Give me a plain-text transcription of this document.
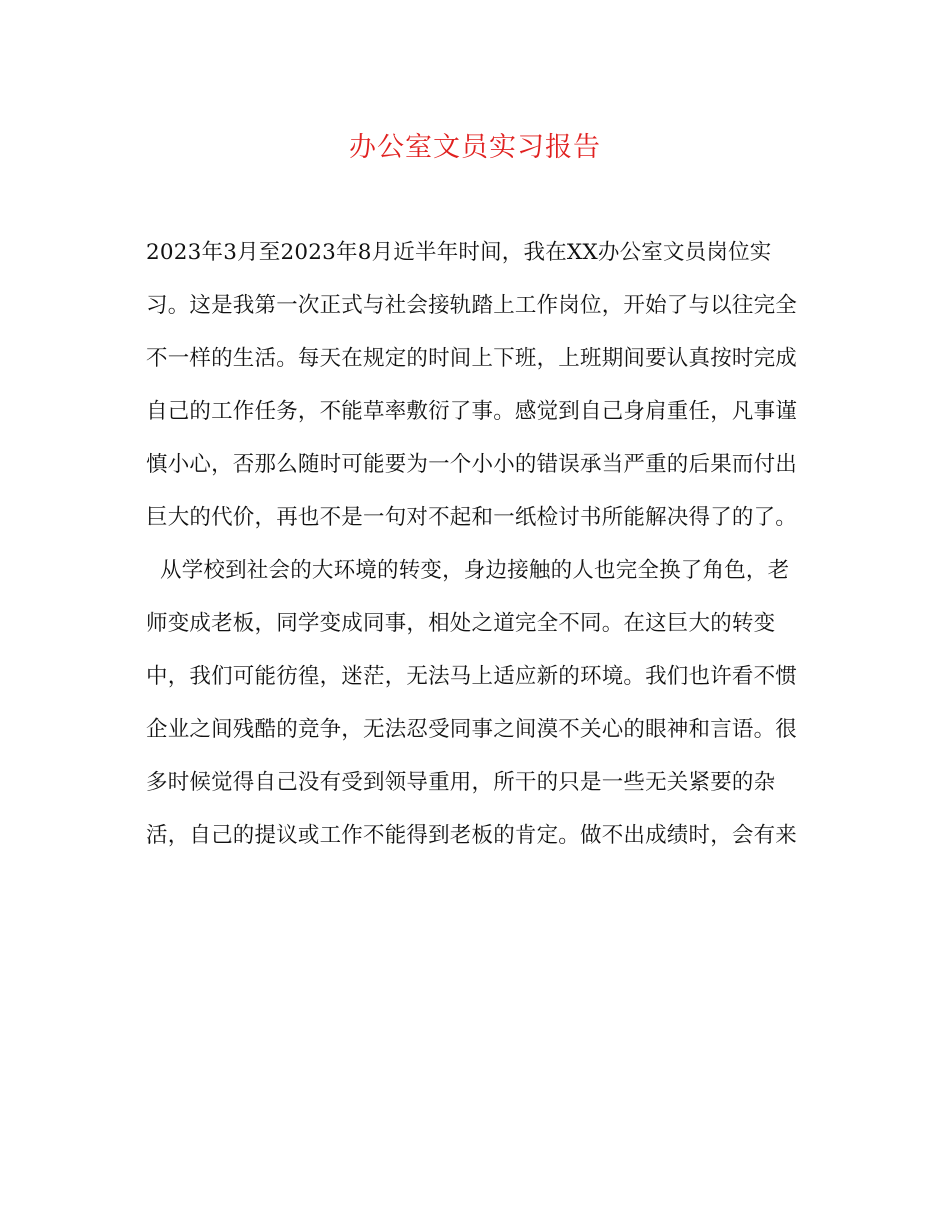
办公室文员实习报告
2023年3月至2023年8月近半年时间，我在XX办公室文员岗位实
习。这是我第一次正式与社会接轨踏上工作岗位，开始了与以往完全
不一样的生活。每天在规定的时间上下班，上班期间要认真按时完成
自己的工作任务，不能草率敷衍了事。感觉到自己身肩重任，凡事谨
慎小心，否那么随时可能要为一个小小的错误承当严重的后果而付出
巨大的代价，再也不是一句对不起和一纸检讨书所能解决得了的了。
从学校到社会的大环境的转变，身边接触的人也完全换了角色，老
师变成老板，同学变成同事，相处之道完全不同。在这巨大的转变
中，我们可能彷徨，迷茫，无法马上适应新的环境。我们也许看不惯
企业之间残酷的竞争，无法忍受同事之间漠不关心的眼神和言语。很
多时候觉得自己没有受到领导重用，所干的只是一些无关紧要的杂
活，自己的提议或工作不能得到老板的肯定。做不出成绩时，会有来
